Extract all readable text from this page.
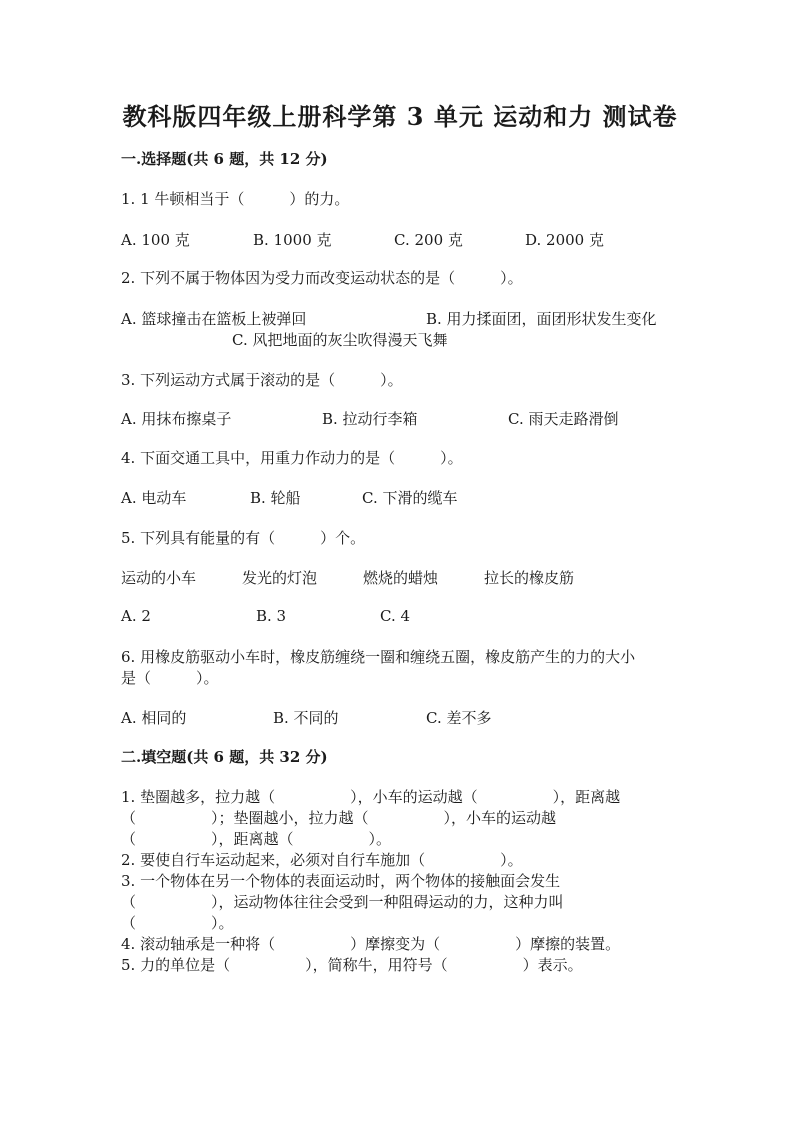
教科版四年级上册科学第 3 单元 运动和力 测试卷
一.选择题(共 6 题，共 12 分)
1. 1 牛顿相当于（　　　）的力。
A. 100 克	B. 1000 克	C. 200 克	D. 2000 克
2. 下列不属于物体因为受力而改变运动状态的是（　　　）。
A. 篮球撞击在篮板上被弹回	B. 用力揉面团，面团形状发生变化
C. 风把地面的灰尘吹得漫天飞舞
3. 下列运动方式属于滚动的是（　　　）。
A. 用抹布擦桌子	B. 拉动行李箱	C. 雨天走路滑倒
4. 下面交通工具中，用重力作动力的是（　　　）。
A. 电动车	B. 轮船	C. 下滑的缆车
5. 下列具有能量的有（　　　）个。
运动的小车	发光的灯泡	燃烧的蜡烛	拉长的橡皮筋
A. 2	B. 3	C. 4
6. 用橡皮筋驱动小车时，橡皮筋缠绕一圈和缠绕五圈，橡皮筋产生的力的大小
是（　　　）。
A. 相同的	B. 不同的	C. 差不多
二.填空题(共 6 题，共 32 分)
1. 垫圈越多，拉力越（　　　　　），小车的运动越（　　　　　），距离越
（　　　　　）；垫圈越小，拉力越（　　　　　），小车的运动越
（　　　　　），距离越（　　　　　）。
2. 要使自行车运动起来，必须对自行车施加（　　　　　）。
3. 一个物体在另一个物体的表面运动时，两个物体的接触面会发生
（　　　　　），运动物体往往会受到一种阻碍运动的力，这种力叫
（　　　　　）。
4. 滚动轴承是一种将（　　　　　）摩擦变为（　　　　　）摩擦的装置。
5. 力的单位是（　　　　　），简称牛，用符号（　　　　　）表示。
